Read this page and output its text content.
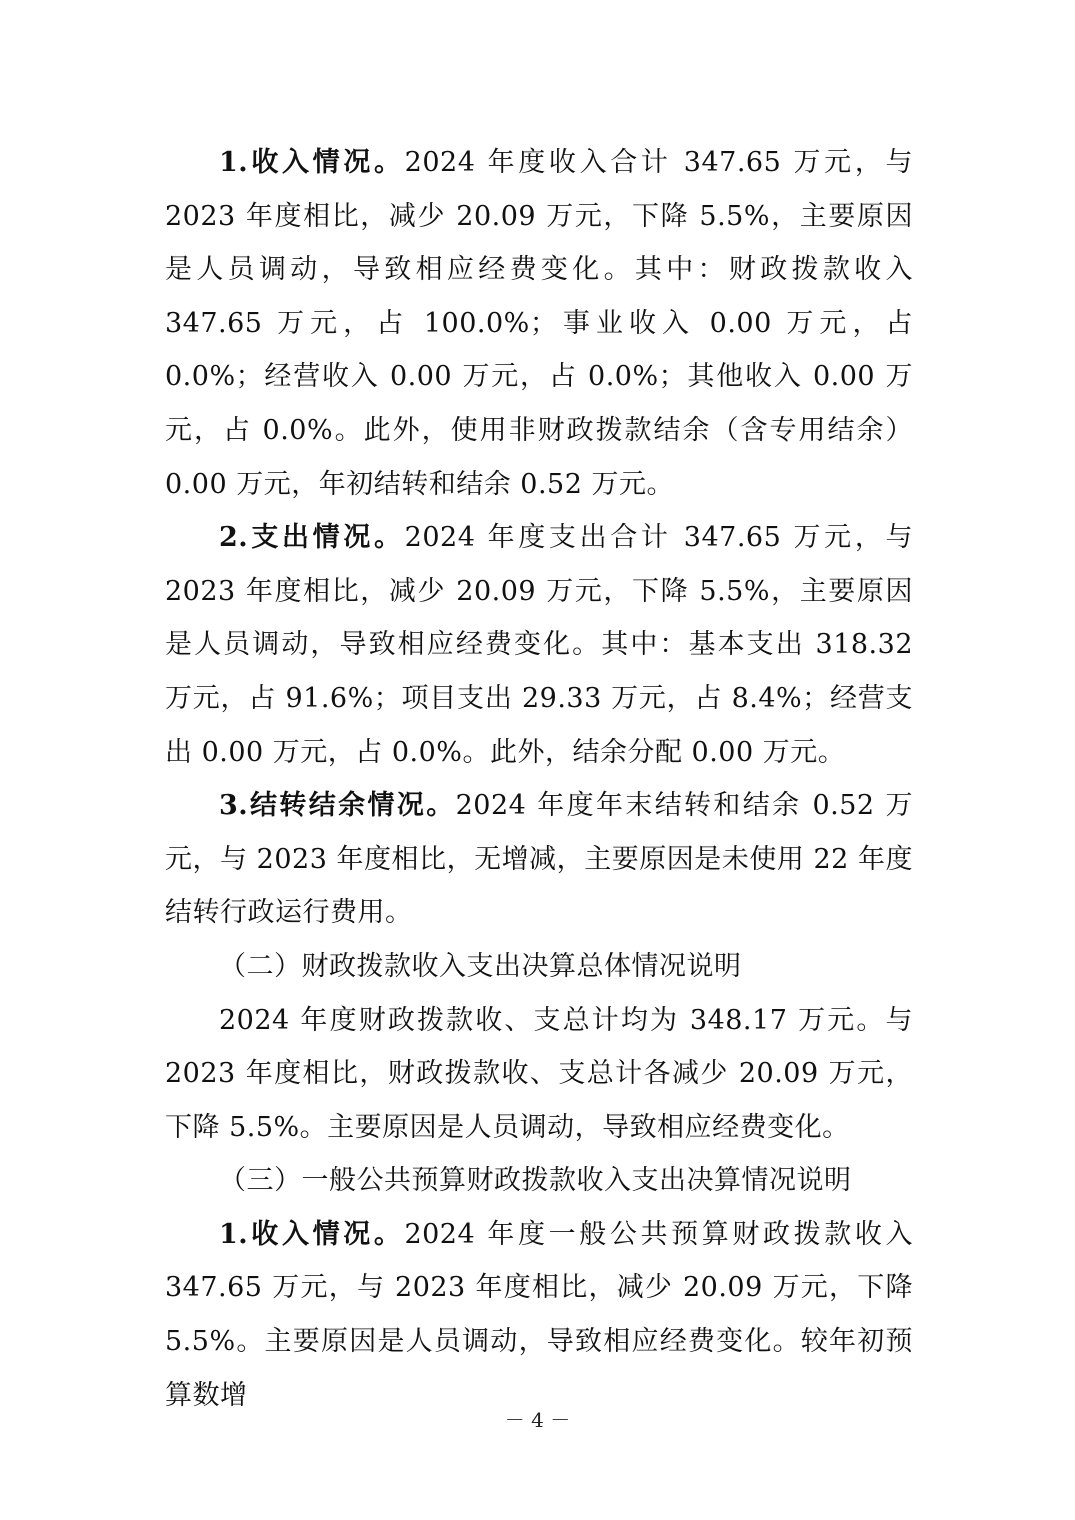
1.收入情况。2024 年度收入合计 347.65 万元，与 2023 年度相比，减少 20.09 万元，下降 5.5%，主要原因是人员调动，导致相应经费变化。其中：财政拨款收入 347.65 万元，占 100.0%；事业收入 0.00 万元，占 0.0%；经营收入 0.00 万元，占 0.0%；其他收入 0.00 万元，占 0.0%。此外，使用非财政拨款结余（含专用结余）0.00 万元，年初结转和结余 0.52 万元。

2.支出情况。2024 年度支出合计 347.65 万元，与 2023 年度相比，减少 20.09 万元，下降 5.5%，主要原因是人员调动，导致相应经费变化。其中：基本支出 318.32 万元，占 91.6%；项目支出 29.33 万元，占 8.4%；经营支出 0.00 万元，占 0.0%。此外，结余分配 0.00 万元。

3.结转结余情况。2024 年度年末结转和结余 0.52 万元，与 2023 年度相比，无增减，主要原因是未使用 22 年度结转行政运行费用。

（二）财政拨款收入支出决算总体情况说明

2024 年度财政拨款收、支总计均为 348.17 万元。与 2023 年度相比，财政拨款收、支总计各减少 20.09 万元，下降 5.5%。主要原因是人员调动，导致相应经费变化。

（三）一般公共预算财政拨款收入支出决算情况说明

1.收入情况。2024 年度一般公共预算财政拨款收入 347.65 万元，与 2023 年度相比，减少 20.09 万元，下降 5.5%。主要原因是人员调动，导致相应经费变化。较年初预算数增

－ 4 －
